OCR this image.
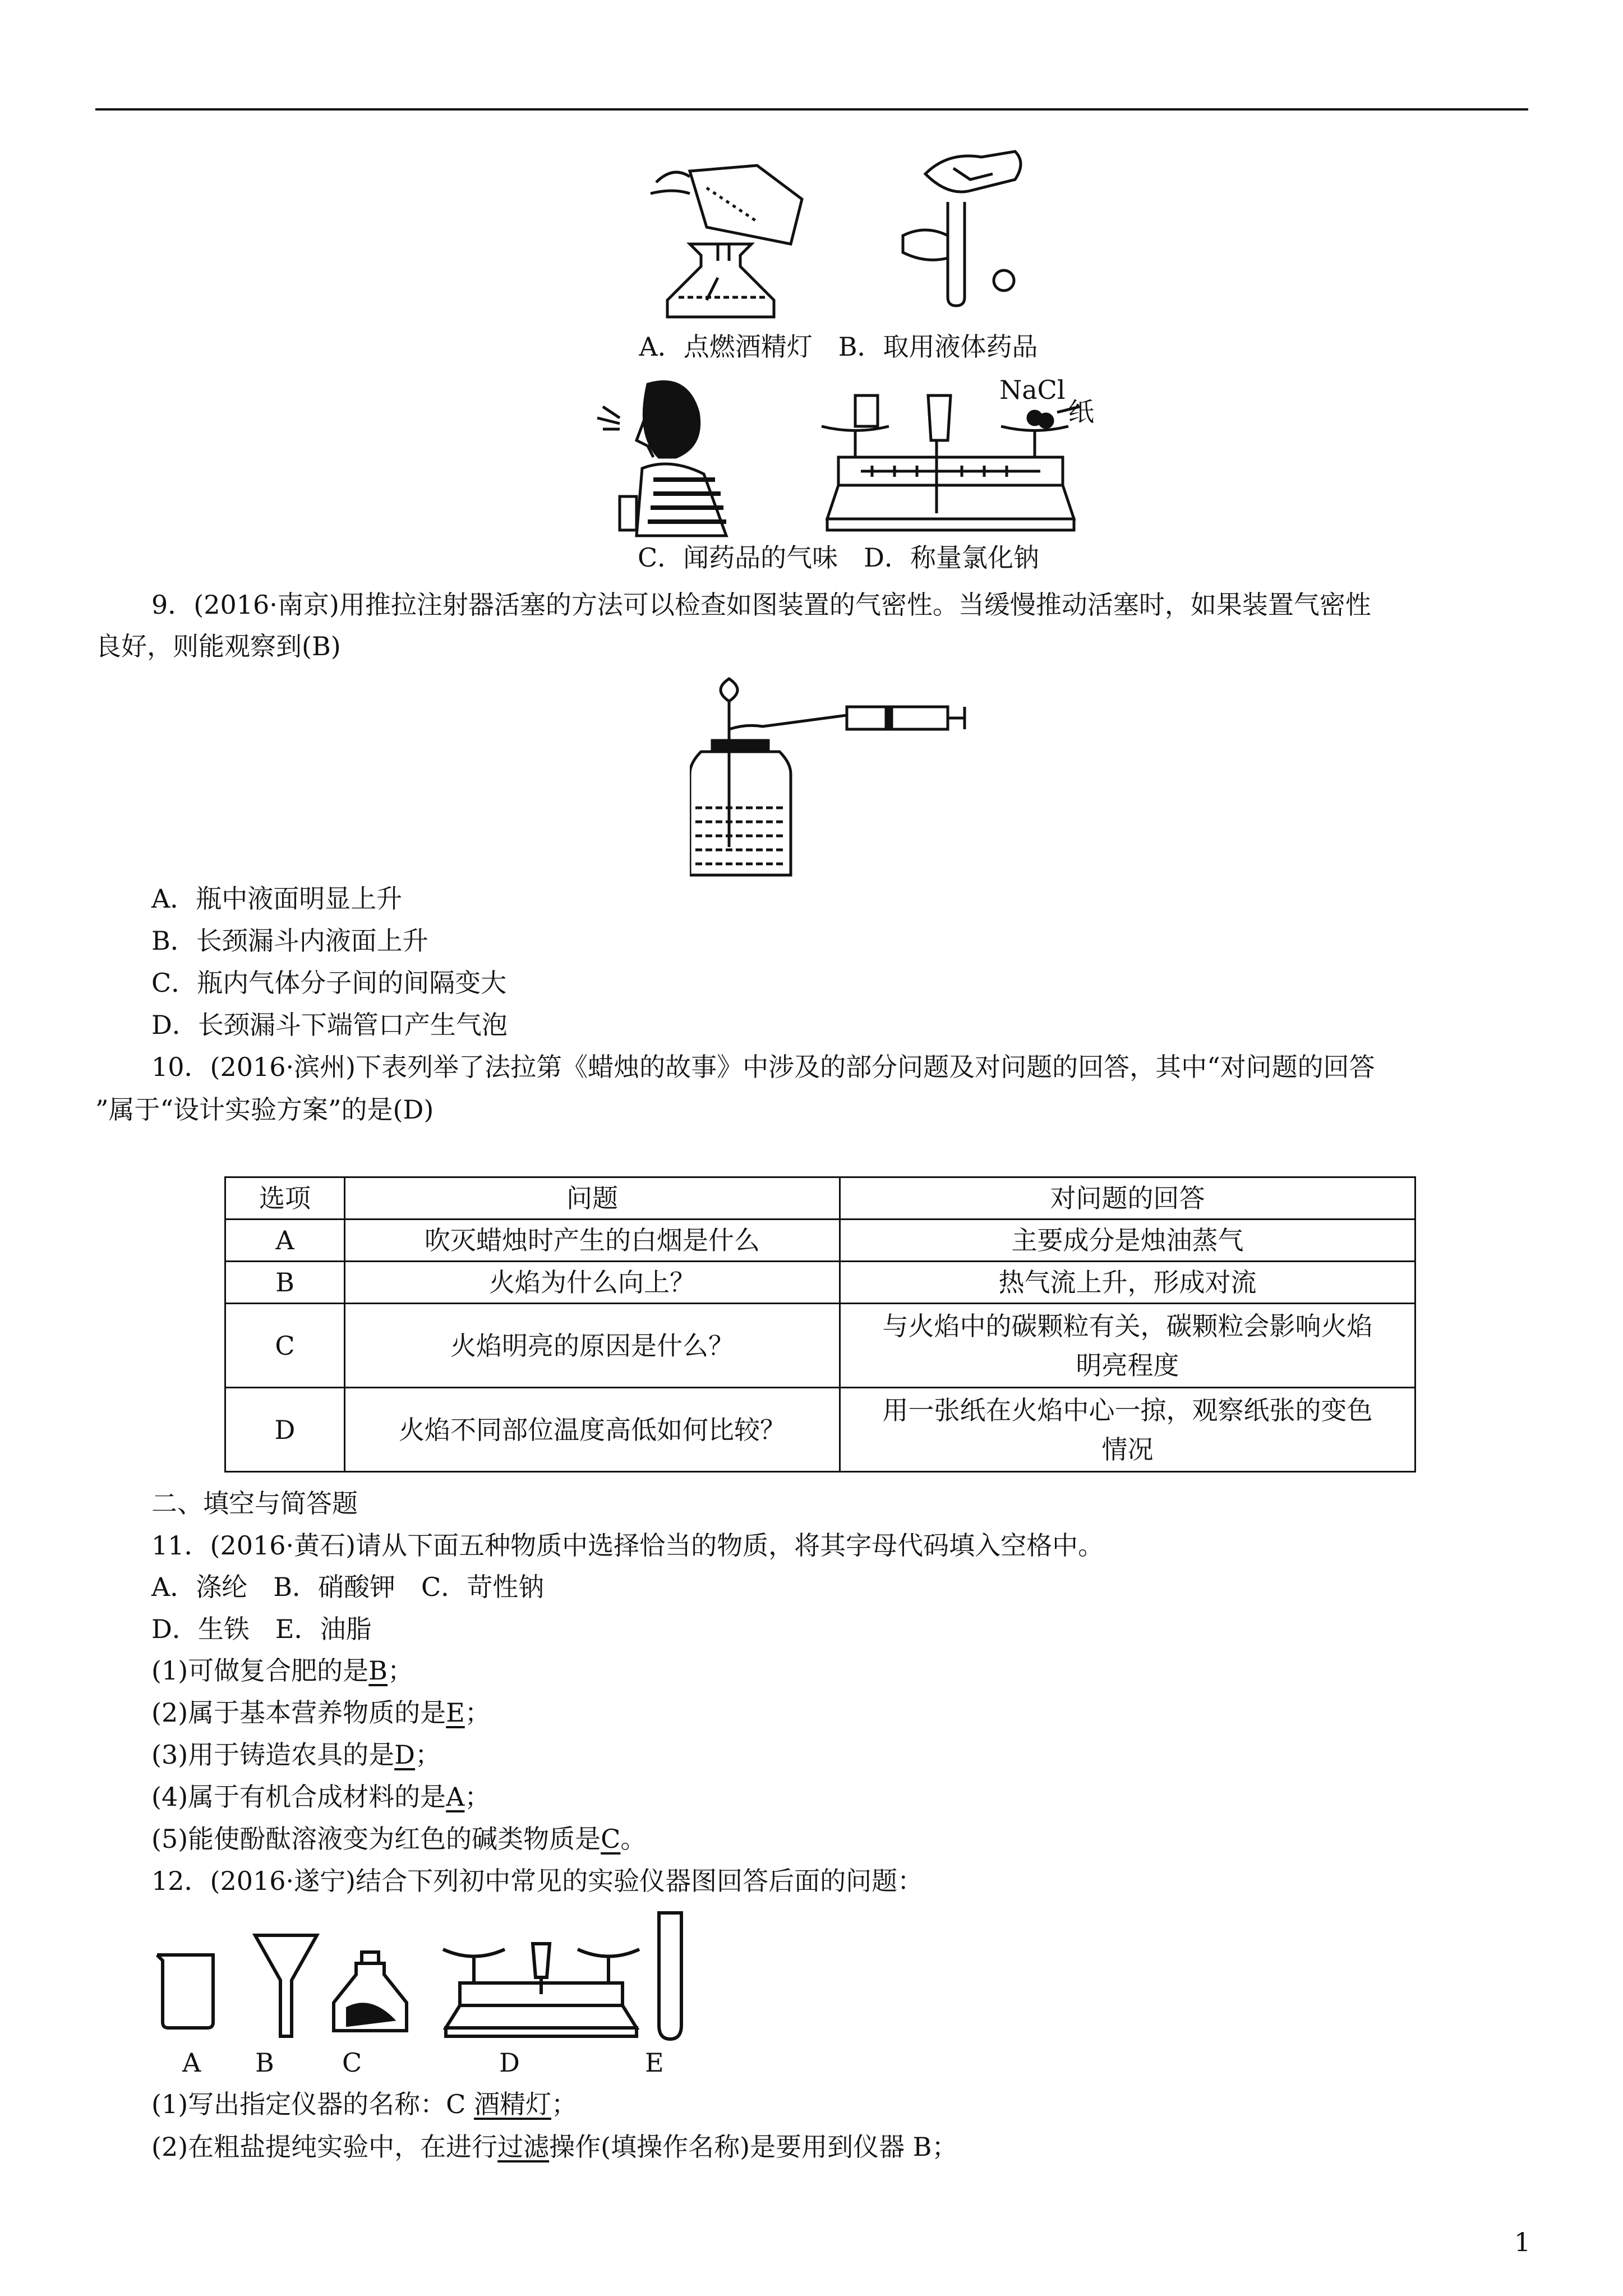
A．点燃酒精灯　B．取用液体药品
NaCl
纸
C．闻药品的气味　D．称量氯化钠
9．(2016·南京)用推拉注射器活塞的方法可以检查如图装置的气密性。当缓慢推动活塞时，如果装置气密性
良好，则能观察到(B)
A．瓶中液面明显上升
B．长颈漏斗内液面上升
C．瓶内气体分子间的间隔变大
D．长颈漏斗下端管口产生气泡
10．(2016·滨州)下表列举了法拉第《蜡烛的故事》中涉及的部分问题及对问题的回答，其中“对问题的回答
”属于“设计实验方案”的是(D)
选项	问题	对问题的回答
A	吹灭蜡烛时产生的白烟是什么	主要成分是烛油蒸气
B	火焰为什么向上？	热气流上升，形成对流
C	火焰明亮的原因是什么？	与火焰中的碳颗粒有关，碳颗粒会影响火焰
明亮程度

D	火焰不同部位温度高低如何比较？	用一张纸在火焰中心一掠，观察纸张的变色
情况
二、填空与简答题
11．(2016·黄石)请从下面五种物质中选择恰当的物质，将其字母代码填入空格中。
A．涤纶　B．硝酸钾　C．苛性钠
D．生铁　E．油脂
(1)可做复合肥的是B；
(2)属于基本营养物质的是E；
(3)用于铸造农具的是D；
(4)属于有机合成材料的是A；
(5)能使酚酞溶液变为红色的碱类物质是C。
12．(2016·遂宁)结合下列初中常见的实验仪器图回答后面的问题：
A B	C	D	E
(1)写出指定仪器的名称：C 酒精灯；
(2)在粗盐提纯实验中，在进行过滤操作(填操作名称)是要用到仪器 B；
1
